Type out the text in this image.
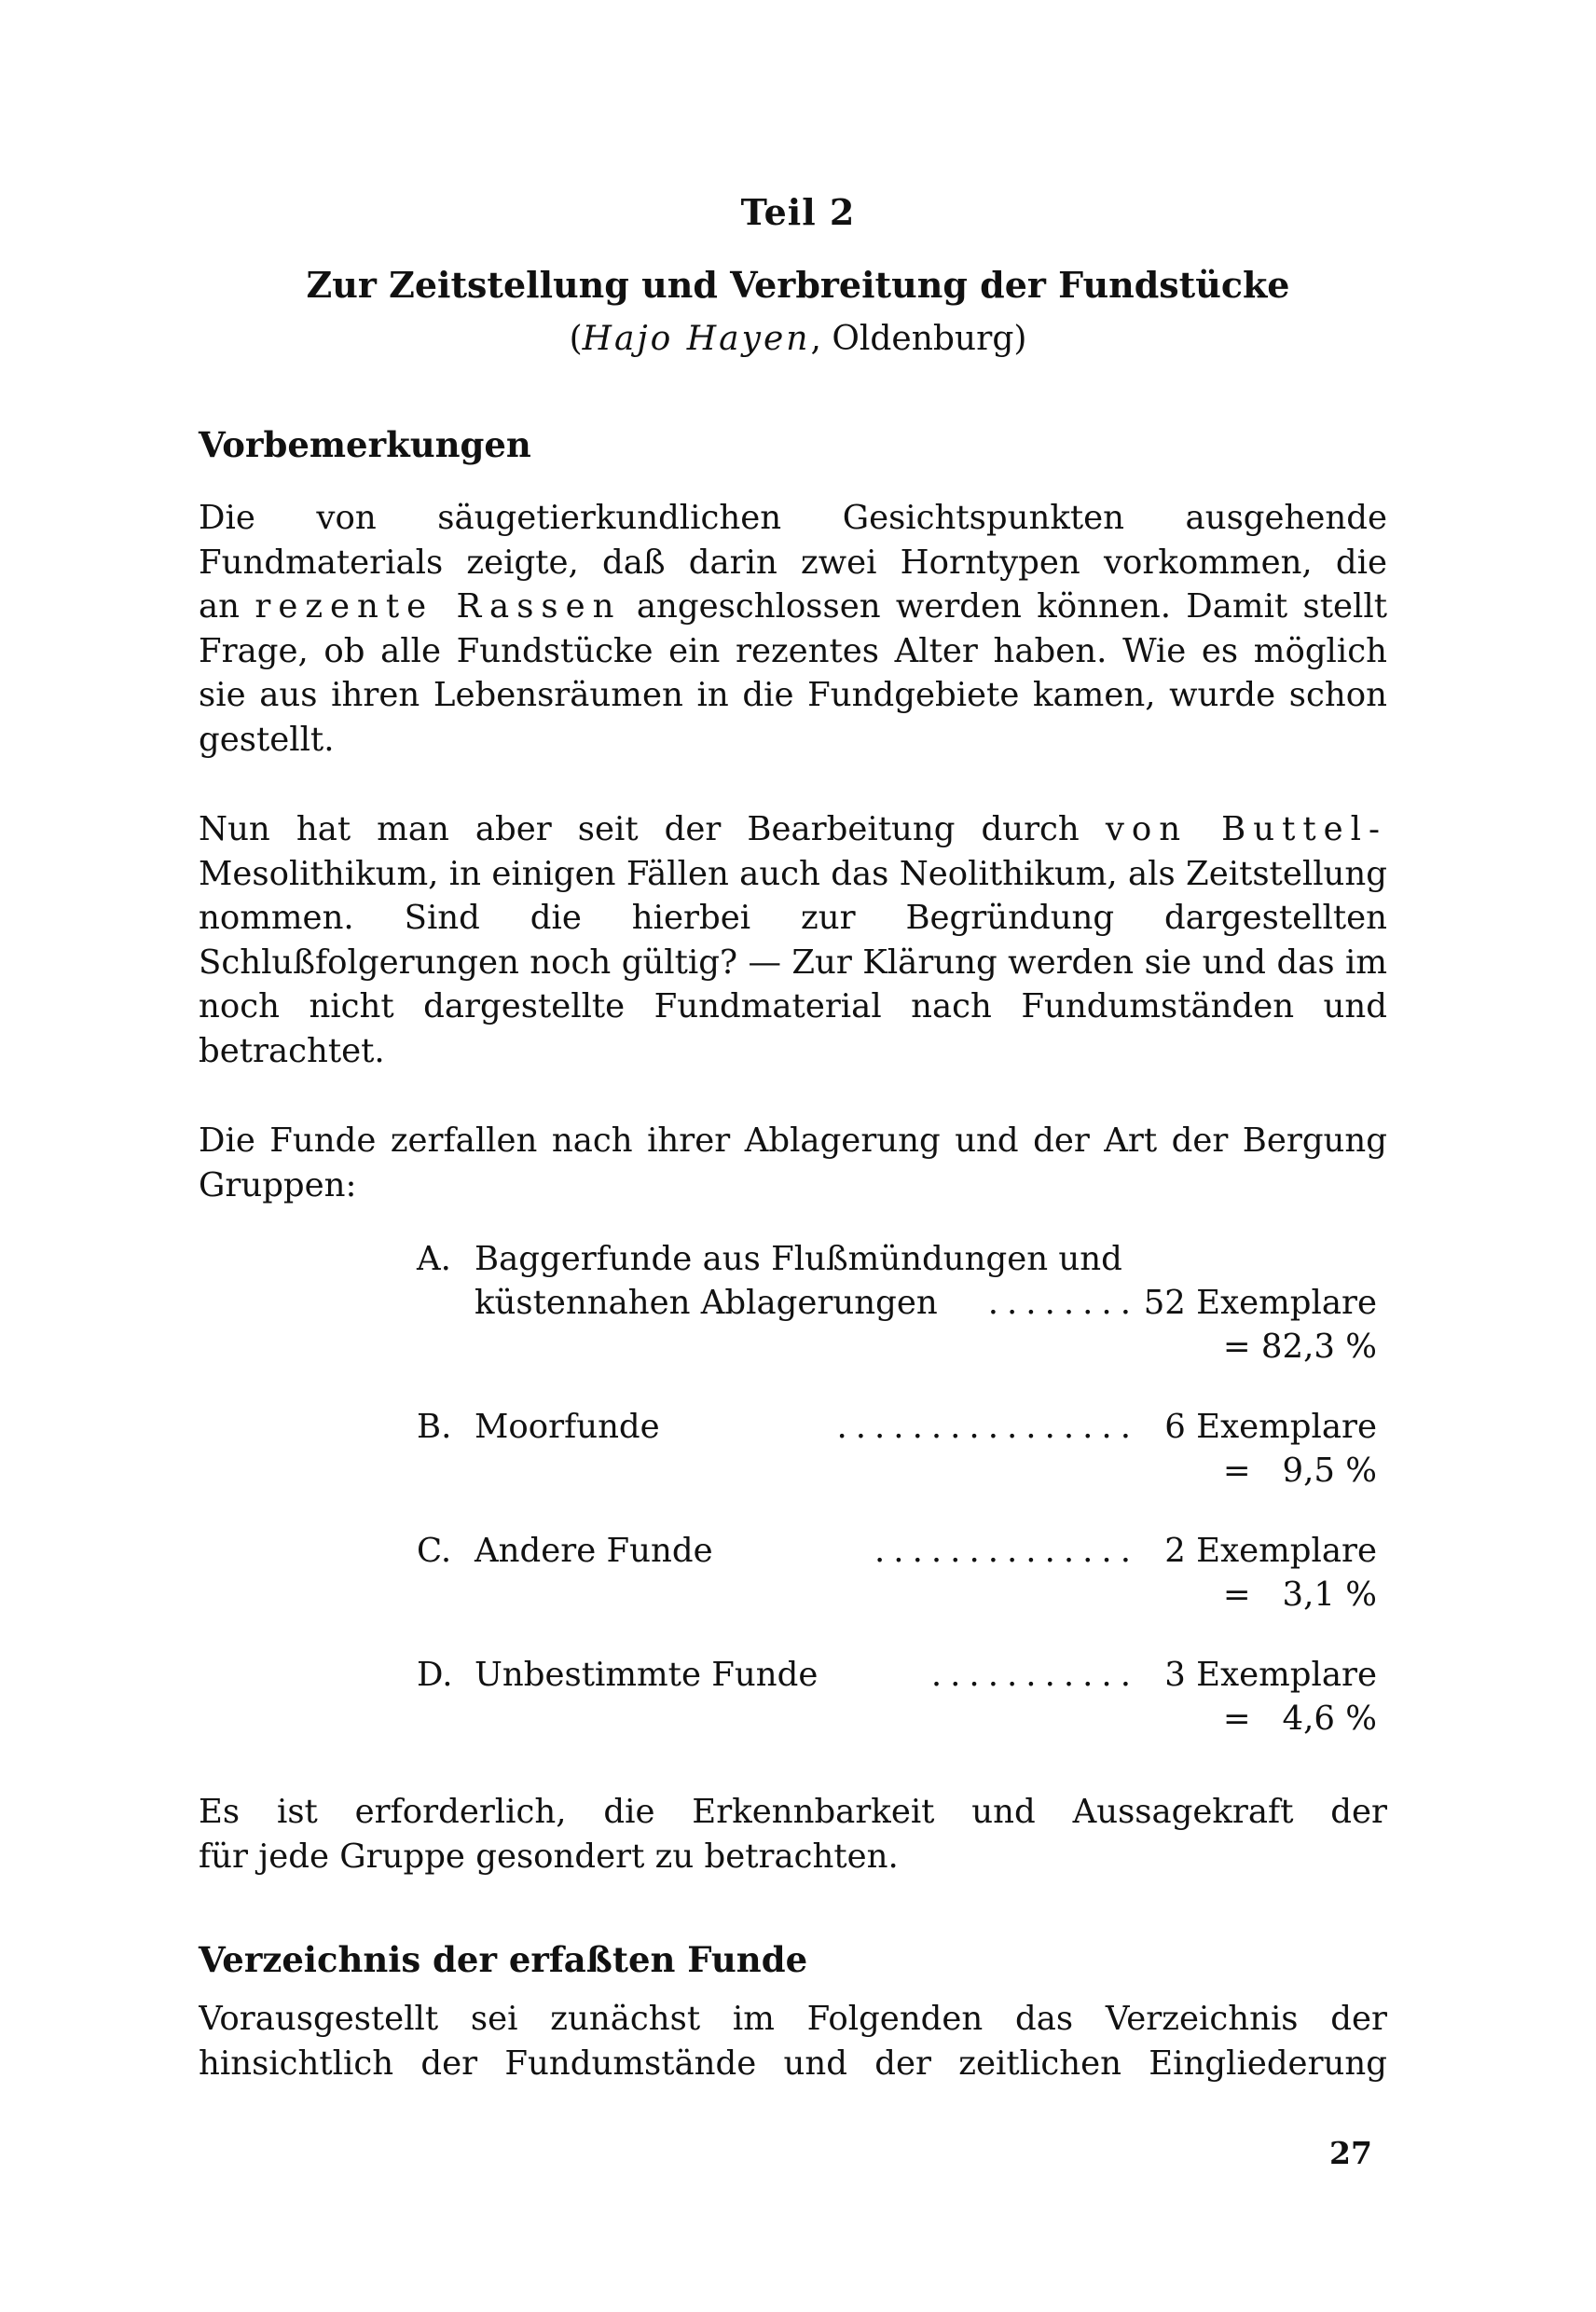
Teil 2
Zur Zeitstellung und Verbreitung der Fundstücke
(Hajo Hayen, Oldenburg)
Vorbemerkungen
Die von säugetierkundlichen Gesichtspunkten ausgehende
Fundmaterials zeigte, daß darin zwei Horntypen vorkommen, die
an rezente Rassen angeschlossen werden können. Damit stellt
Frage, ob alle Fundstücke ein rezentes Alter haben. Wie es möglich
sie aus ihren Lebensräumen in die Fundgebiete kamen, wurde schon
gestellt.
Nun hat man aber seit der Bearbeitung durch von Buttel-
Mesolithikum, in einigen Fällen auch das Neolithikum, als Zeitstellung
nommen. Sind die hierbei zur Begründung dargestellten
Schlußfolgerungen noch gültig? — Zur Klärung werden sie und das im
noch nicht dargestellte Fundmaterial nach Fundumständen und
betrachtet.
Die Funde zerfallen nach ihrer Ablagerung und der Art der Bergung
Gruppen:
A. Baggerfunde aus Flußmündungen und
küstennahen Ablagerungen ........ 52 Exemplare
= 82,3 %
B. Moorfunde	................ 6 Exemplare
=   9,5 %
C. Andere Funde	.............. 2 Exemplare
=   3,1 %
D. Unbestimmte Funde	........... 3 Exemplare
=   4,6 %
Es ist erforderlich, die Erkennbarkeit und Aussagekraft der
für jede Gruppe gesondert zu betrachten.
Verzeichnis der erfaßten Funde
Vorausgestellt sei zunächst im Folgenden das Verzeichnis der
hinsichtlich der Fundumstände und der zeitlichen Eingliederung
27
